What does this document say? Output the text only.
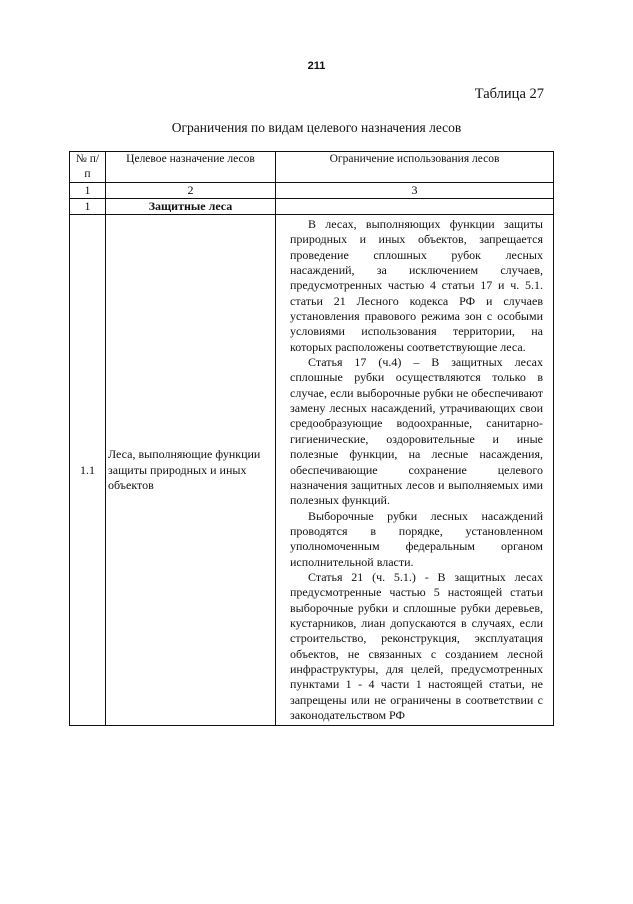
211
Таблица 27
Ограничения по видам целевого назначения лесов
№ п/п	Целевое назначение лесов	Ограничение использования лесов
1	2	3
1	Защитные леса	
1.1	Леса, выполняющие функции защиты природных и иных объектов	В лесах, выполняющих функции защиты природных и иных объектов, запрещается проведение сплошных рубок лесных насаждений, за исключением случаев, предусмотренных частью 4 статьи 17 и ч. 5.1. статьи 21 Лесного кодекса РФ и случаев установления правового режима зон с особыми условиями использования территории, на которых расположены соответствующие леса.

Статья 17 (ч.4) – В защитных лесах сплошные рубки осуществляются только в случае, если выборочные рубки не обеспечивают замену лесных насаждений, утрачивающих свои средообразующие водоохранные, санитарно-гигиенические, оздоровительные и иные полезные функции, на лесные насаждения, обеспечивающие сохранение целевого назначения защитных лесов и выполняемых ими полезных функций.

Выборочные рубки лесных насаждений проводятся в порядке, установленном уполномоченным федеральным органом исполнительной власти.

Статья 21 (ч. 5.1.) - В защитных лесах предусмотренные частью 5 настоящей статьи выборочные рубки и сплошные рубки деревьев, кустарников, лиан допускаются в случаях, если строительство, реконструкция, эксплуатация объектов, не связанных с созданием лесной инфраструктуры, для целей, предусмотренных пунктами 1 - 4 части 1 настоящей статьи, не запрещены или не ограничены в соответствии с законодательством РФ
